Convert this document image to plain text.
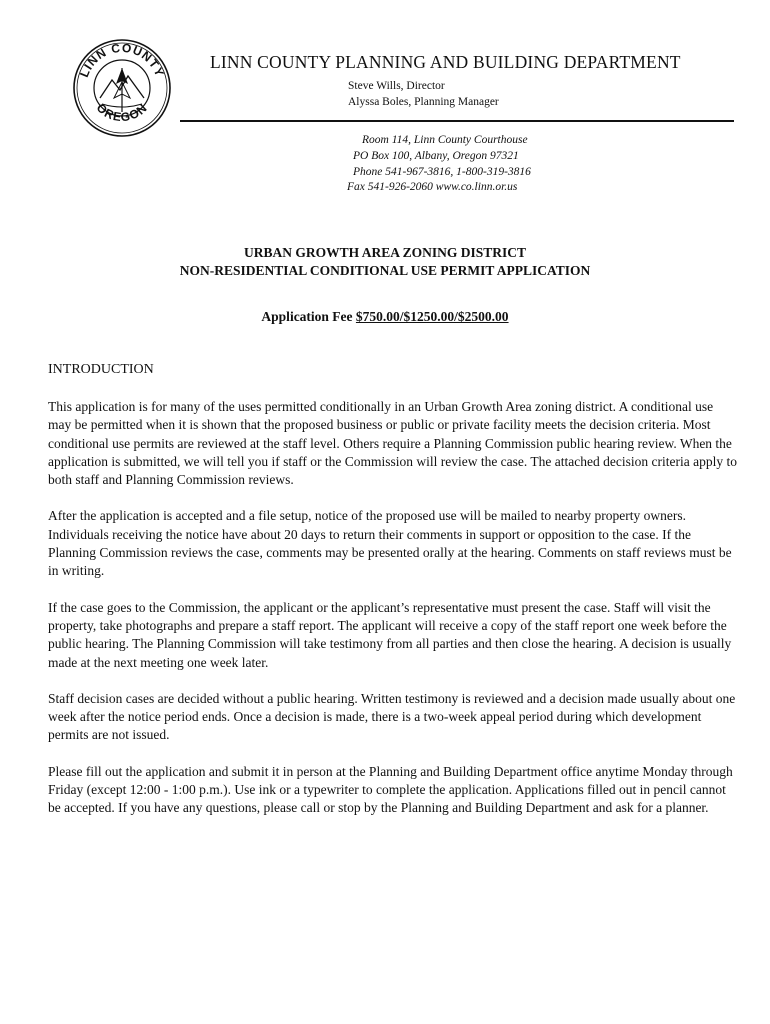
LINN COUNTY
OREGON
LINN COUNTY PLANNING AND BUILDING DEPARTMENT
Steve Wills, Director
Alyssa Boles, Planning Manager
Room 114, Linn County Courthouse
PO Box 100, Albany, Oregon 97321
Phone 541-967-3816, 1-800-319-3816
Fax 541-926-2060 www.co.linn.or.us
URBAN GROWTH AREA ZONING DISTRICT
NON-RESIDENTIAL CONDITIONAL USE PERMIT APPLICATION
Application Fee $750.00/$1250.00/$2500.00
INTRODUCTION

This application is for many of the uses permitted conditionally in an Urban Growth Area zoning district. A conditional use may be permitted when it is shown that the proposed business or public or private facility meets the decision criteria. Most conditional use permits are reviewed at the staff level. Others require a Planning Commission public hearing review. When the application is submitted, we will tell you if staff or the Commission will review the case. The attached decision criteria apply to both staff and Planning Commission reviews.

After the application is accepted and a file setup, notice of the proposed use will be mailed to nearby property owners. Individuals receiving the notice have about 20 days to return their comments in support or opposition to the case. If the Planning Commission reviews the case, comments may be presented orally at the hearing. Comments on staff reviews must be in writing.

If the case goes to the Commission, the applicant or the applicant’s representative must present the case. Staff will visit the property, take photographs and prepare a staff report. The applicant will receive a copy of the staff report one week before the public hearing. The Planning Commission will take testimony from all parties and then close the hearing. A decision is usually made at the next meeting one week later.

Staff decision cases are decided without a public hearing. Written testimony is reviewed and a decision made usually about one week after the notice period ends. Once a decision is made, there is a two-week appeal period during which development permits are not issued.

Please fill out the application and submit it in person at the Planning and Building Department office anytime Monday through Friday (except 12:00 - 1:00 p.m.). Use ink or a typewriter to complete the application. Applications filled out in pencil cannot be accepted. If you have any questions, please call or stop by the Planning and Building Department and ask for a planner.
